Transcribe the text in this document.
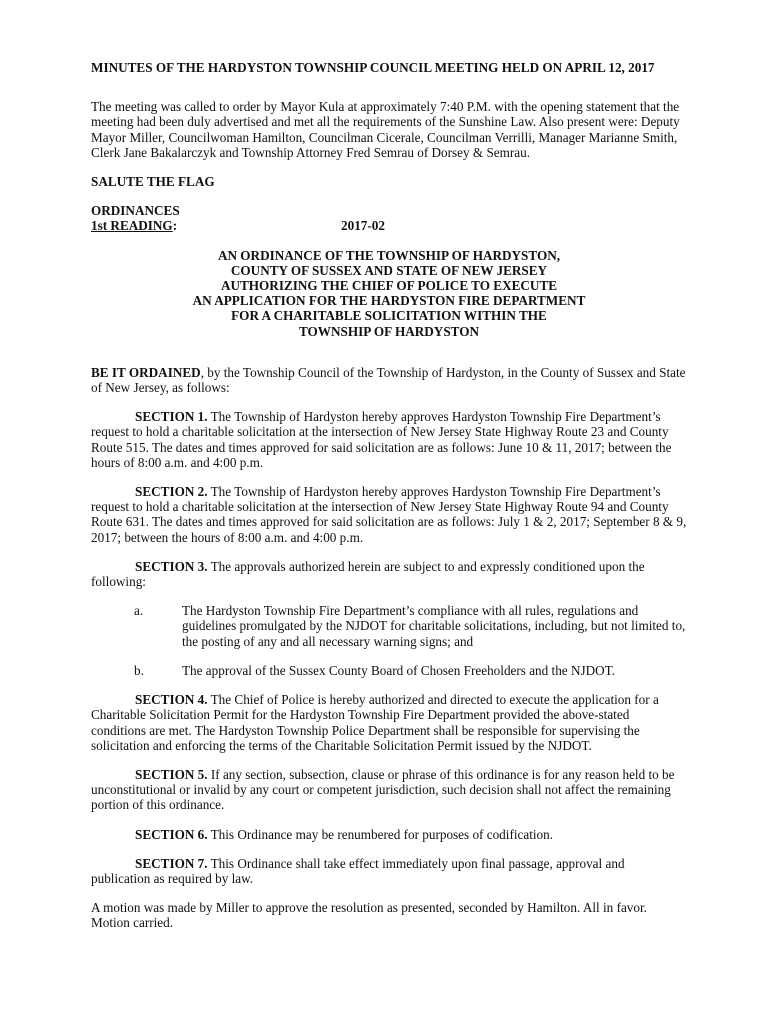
MINUTES OF THE HARDYSTON TOWNSHIP COUNCIL MEETING HELD ON APRIL 12, 2017

The meeting was called to order by Mayor Kula at approximately 7:40 P.M. with the opening statement that the meeting had been duly advertised and met all the requirements of the Sunshine Law. Also present were: Deputy Mayor Miller, Councilwoman Hamilton, Councilman Cicerale, Councilman Verrilli, Manager Marianne Smith, Clerk Jane Bakalarczyk and Township Attorney Fred Semrau of Dorsey & Semrau.

SALUTE THE FLAG

ORDINANCES

1st READING:	2017-02
AN ORDINANCE OF THE TOWNSHIP OF HARDYSTON,
COUNTY OF SUSSEX AND STATE OF NEW JERSEY
AUTHORIZING THE CHIEF OF POLICE TO EXECUTE
AN APPLICATION FOR THE HARDYSTON FIRE DEPARTMENT
FOR A CHARITABLE SOLICITATION WITHIN THE
TOWNSHIP OF HARDYSTON

BE IT ORDAINED, by the Township Council of the Township of Hardyston, in the County of Sussex and State of New Jersey, as follows:

SECTION 1. The Township of Hardyston hereby approves Hardyston Township Fire Department’s request to hold a charitable solicitation at the intersection of New Jersey State Highway Route 23 and County Route 515. The dates and times approved for said solicitation are as follows: June 10 & 11, 2017; between the hours of 8:00 a.m. and 4:00 p.m.

SECTION 2. The Township of Hardyston hereby approves Hardyston Township Fire Department’s request to hold a charitable solicitation at the intersection of New Jersey State Highway Route 94 and County Route 631. The dates and times approved for said solicitation are as follows: July 1 & 2, 2017; September 8 & 9, 2017; between the hours of 8:00 a.m. and 4:00 p.m.

SECTION 3. The approvals authorized herein are subject to and expressly conditioned upon the following:

a.	The Hardyston Township Fire Department’s compliance with all rules, regulations and guidelines promulgated by the NJDOT for charitable solicitations, including, but not limited to, the posting of any and all necessary warning signs; and
b.	The approval of the Sussex County Board of Chosen Freeholders and the NJDOT.

SECTION 4. The Chief of Police is hereby authorized and directed to execute the application for a Charitable Solicitation Permit for the Hardyston Township Fire Department provided the above-stated conditions are met. The Hardyston Township Police Department shall be responsible for supervising the solicitation and enforcing the terms of the Charitable Solicitation Permit issued by the NJDOT.

SECTION 5. If any section, subsection, clause or phrase of this ordinance is for any reason held to be unconstitutional or invalid by any court or competent jurisdiction, such decision shall not affect the remaining portion of this ordinance.

SECTION 6. This Ordinance may be renumbered for purposes of codification.

SECTION 7. This Ordinance shall take effect immediately upon final passage, approval and publication as required by law.

A motion was made by Miller to approve the resolution as presented, seconded by Hamilton. All in favor. Motion carried.
